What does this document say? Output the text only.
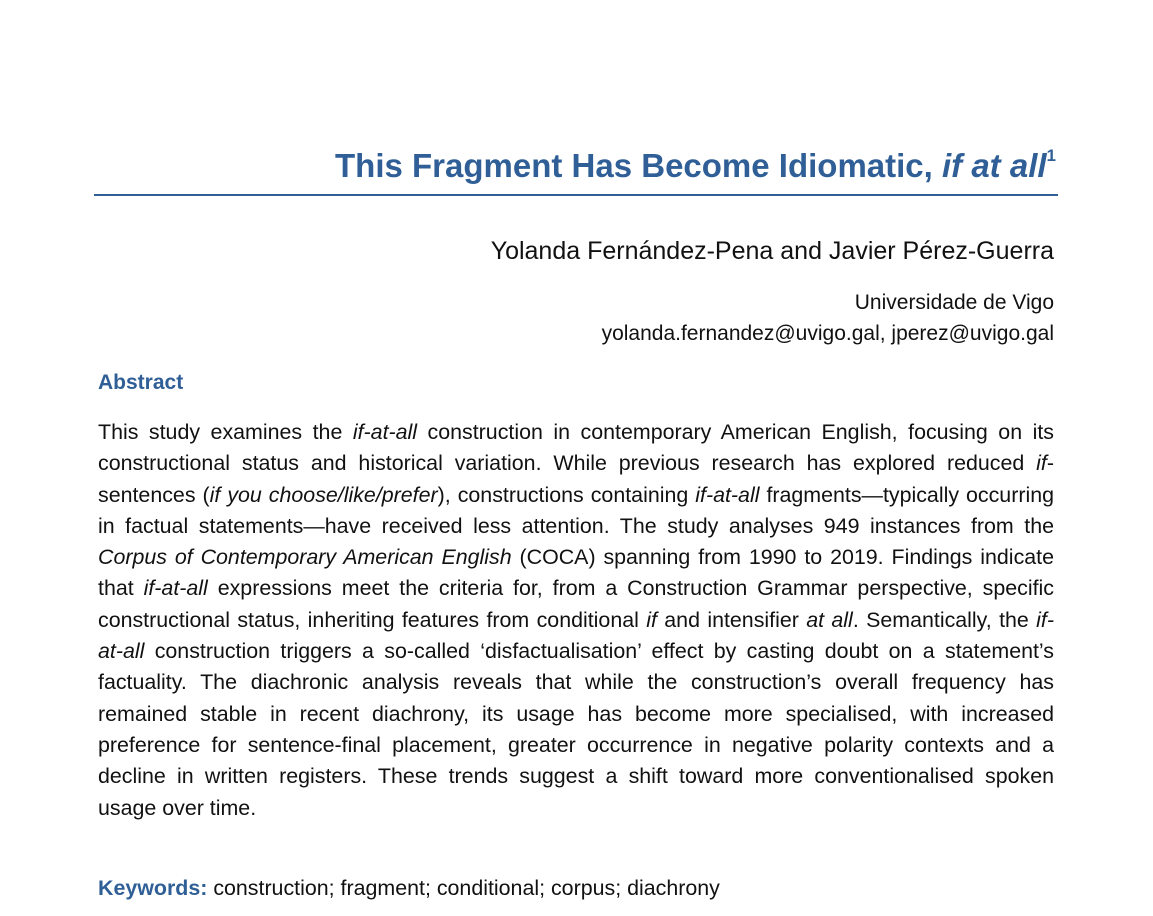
This Fragment Has Become Idiomatic, if at all$^1$
Yolanda Fernández-Pena and Javier Pérez-Guerra
Universidade de Vigo
yolanda.fernandez@uvigo.gal, jperez@uvigo.gal
Abstract

This study examines the if-at-all construction in contemporary American English, focusing on its constructional status and historical variation. While previous research has explored reduced if-sentences (if you choose/like/prefer), constructions containing if-at-all fragments—typically occurring in factual statements—have received less attention. The study analyses 949 instances from the Corpus of Contemporary American English (COCA) spanning from 1990 to 2019. Findings indicate that if-at-all expressions meet the criteria for, from a Construction Grammar perspective, specific constructional status, inheriting features from conditional if and intensifier at all. Semantically, the if-at-all construction triggers a so-called ‘disfactualisation’ effect by casting doubt on a statement’s factuality. The diachronic analysis reveals that while the construction’s overall frequency has remained stable in recent diachrony, its usage has become more specialised, with increased preference for sentence-final placement, greater occurrence in negative polarity contexts and a decline in written registers. These trends suggest a shift toward more conventionalised spoken usage over time.

Keywords: construction; fragment; conditional; corpus; diachrony
